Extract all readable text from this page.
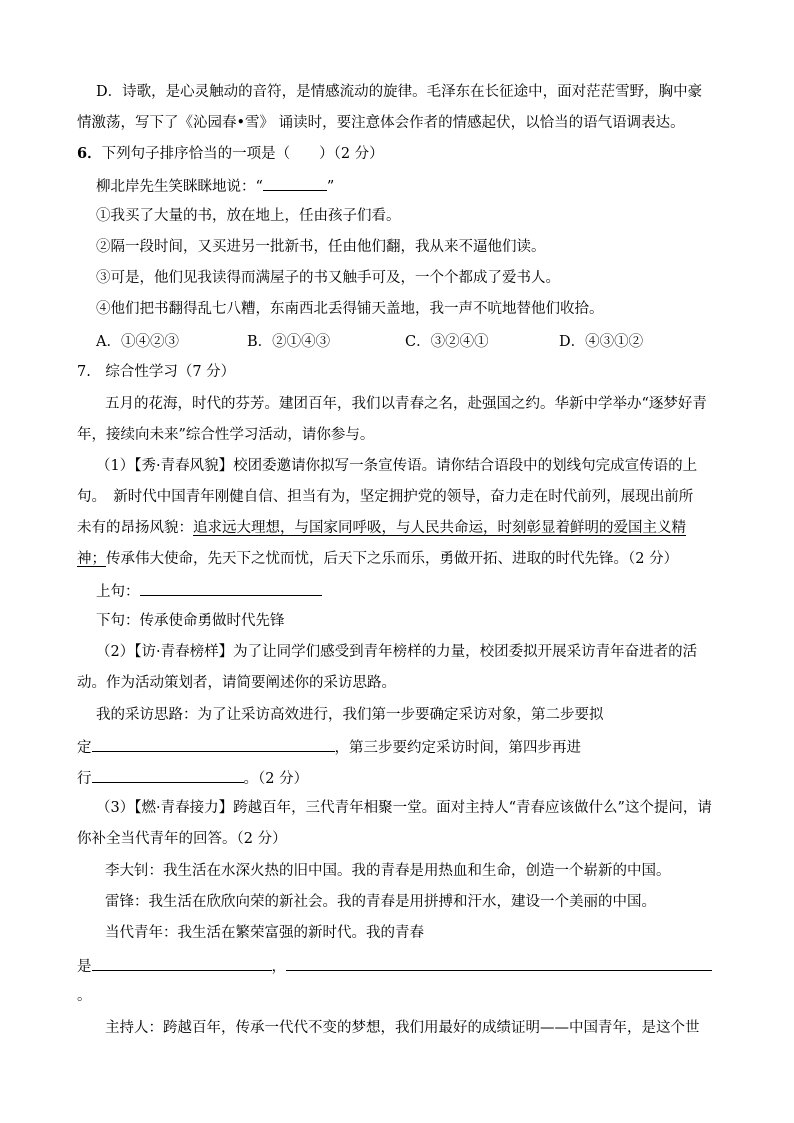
D．诗歌，是心灵触动的音符，是情感流动的旋律。毛泽东在长征途中，面对茫茫雪野，胸中豪
情激荡，写下了《沁园春•雪》 诵读时，要注意体会作者的情感起伏，以恰当的语气语调表达。
6．下列句子排序恰当的一项是（　　）（2 分）
柳北岸先生笑眯眯地说：“	”
①我买了大量的书，放在地上，任由孩子们看。
②隔一段时间，又买进另一批新书，任由他们翻，我从来不逼他们读。
③可是，他们见我读得而满屋子的书又触手可及，一个个都成了爱书人。
④他们把书翻得乱七八糟，东南西北丢得铺天盖地，我一声不吭地替他们收拾。
A．①④②③	B．②①④③	C．③②④①	D．④③①②
7.　综合性学习（7 分）
五月的花海，时代的芬芳。建团百年，我们以青春之名，赴强国之约。华新中学举办“逐梦好青
年，接续向未来”综合性学习活动，请你参与。
（1）【秀·青春风貌】校团委邀请你拟写一条宣传语。请你结合语段中的划线句完成宣传语的上
句。　新时代中国青年刚健自信、担当有为，坚定拥护党的领导，奋力走在时代前列，展现出前所
未有的昂扬风貌：追求远大理想，与国家同呼吸，与人民共命运，时刻彰显着鲜明的爱国主义精
神；传承伟大使命，先天下之忧而忧，后天下之乐而乐，勇做开拓、进取的时代先锋。（2 分）
上句：
下句：传承使命勇做时代先锋
（2）【访·青春榜样】为了让同学们感受到青年榜样的力量，校团委拟开展采访青年奋进者的活
动。作为活动策划者，请简要阐述你的采访思路。
我的采访思路：为了让采访高效进行，我们第一步要确定采访对象，第二步要拟
定	，第三步要约定采访时间，第四步再进
行	。（2 分）
（3）【燃·青春接力】跨越百年，三代青年相聚一堂。面对主持人“青春应该做什么”这个提问，请
你补全当代青年的回答。（2 分）
李大钊：我生活在水深火热的旧中国。我的青春是用热血和生命，创造一个崭新的中国。
雷锋：我生活在欣欣向荣的新社会。我的青春是用拼搏和汗水，建设一个美丽的中国。
当代青年：我生活在繁荣富强的新时代。我的青春
是	，
。
主持人：跨越百年，传承一代代不变的梦想，我们用最好的成绩证明——中国青年，是这个世
